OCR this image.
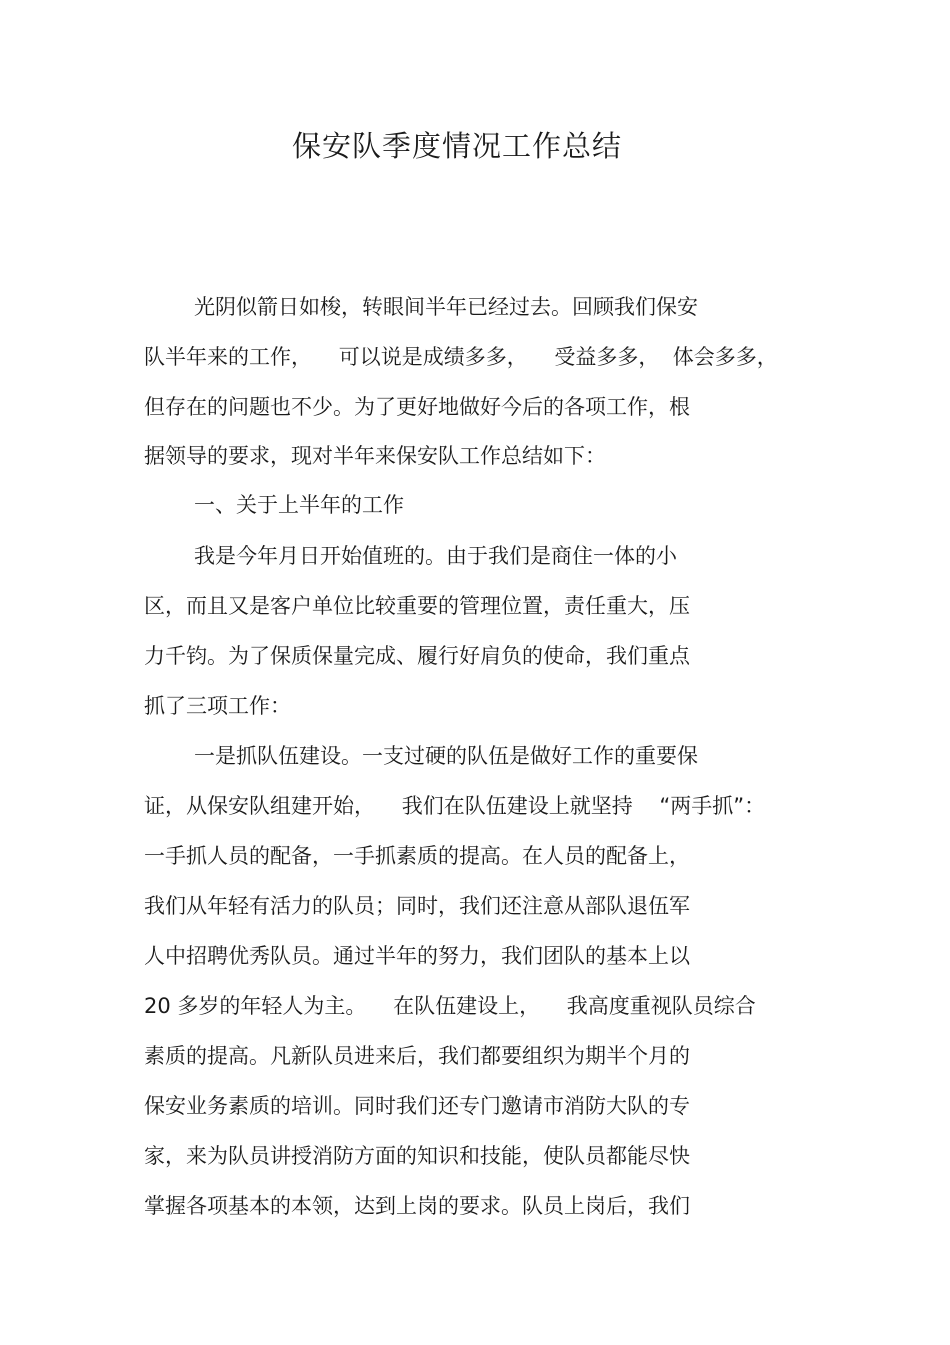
保安队季度情况工作总结

光阴似箭日如梭，转眼间半年已经过去。回顾我们保安

队半年来的工作，    可以说是成绩多多，    受益多多，  体会多多，

但存在的问题也不少。为了更好地做好今后的各项工作，根

据领导的要求，现对半年来保安队工作总结如下：

一、关于上半年的工作

我是今年月日开始值班的。由于我们是商住一体的小

区，而且又是客户单位比较重要的管理位置，责任重大，压

力千钧。为了保质保量完成、履行好肩负的使命，我们重点

抓了三项工作：

一是抓队伍建设。一支过硬的队伍是做好工作的重要保

证，从保安队组建开始，    我们在队伍建设上就坚持    “两手抓”：

一手抓人员的配备，一手抓素质的提高。在人员的配备上，

我们从年轻有活力的队员；同时，我们还注意从部队退伍军

人中招聘优秀队员。通过半年的努力，我们团队的基本上以

20 多岁的年轻人为主。    在队伍建设上，    我高度重视队员综合

素质的提高。凡新队员进来后，我们都要组织为期半个月的

保安业务素质的培训。同时我们还专门邀请市消防大队的专

家，来为队员讲授消防方面的知识和技能，使队员都能尽快

掌握各项基本的本领，达到上岗的要求。队员上岗后，我们
